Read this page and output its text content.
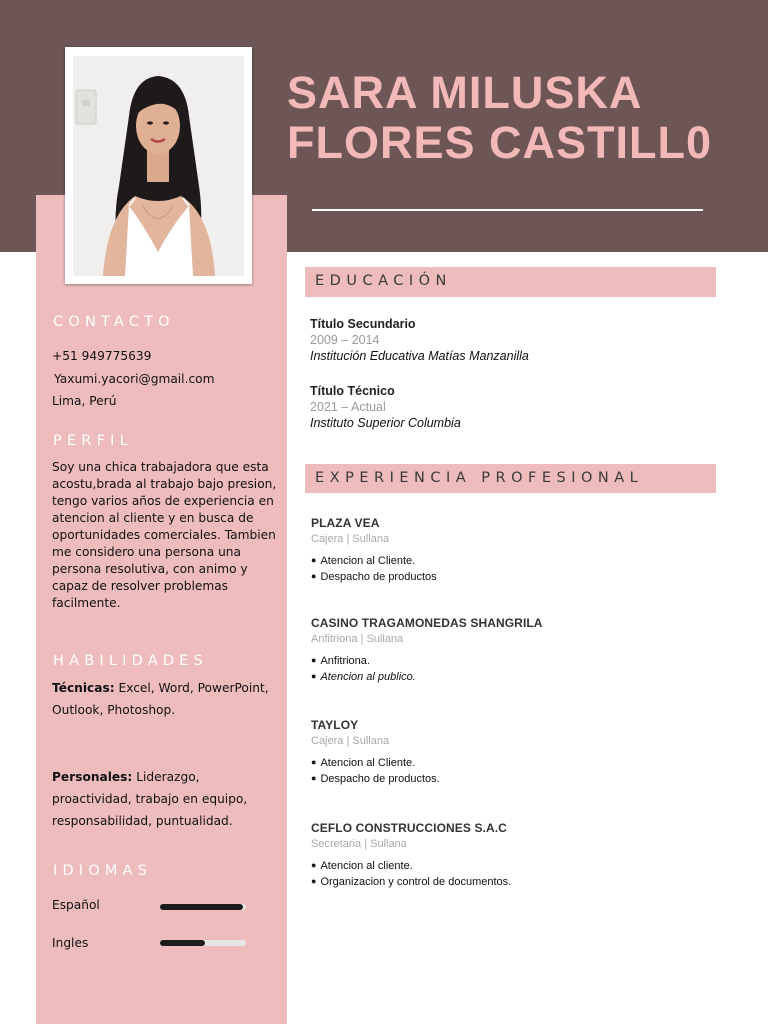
SARA MILUSKA
FLORES CASTILL0
CONTACTO
+51 949775639
Yaxumi.yacori@gmail.com
Lima, Perú
PERFIL
Soy una chica trabajadora que esta acostu,brada al trabajo bajo presion, tengo varios años de experiencia en atencion al cliente y en busca de oportunidades comerciales. Tambien me considero una persona una persona resolutiva, con animo y capaz de resolver problemas facilmente.
HABILIDADES
Técnicas: Excel, Word, PowerPoint, Outlook, Photoshop.
Personales: Liderazgo, proactividad, trabajo en equipo, responsabilidad, puntualidad.
IDIOMAS
Español
Ingles
EDUCACIÓN
Título Secundario
2009 – 2014
Institución Educativa Matías Manzanilla
Título Técnico
2021 – Actual
Instituto Superior Columbia
EXPERIENCIA PROFESIONAL
PLAZA VEA
Cajera | Sullana
● Atencion al Cliente.
● Despacho de productos
CASINO TRAGAMONEDAS SHANGRILA
Anfitriona | Sullana
● Anfitriona.
● Atencion al publico.
TAYLOY
Cajera | Sullana
● Atencion al Cliente.
● Despacho de productos.
CEFLO CONSTRUCCIONES S.A.C
Secretaria | Sullana
● Atencion al cliente.
● Organizacion y control de documentos.
